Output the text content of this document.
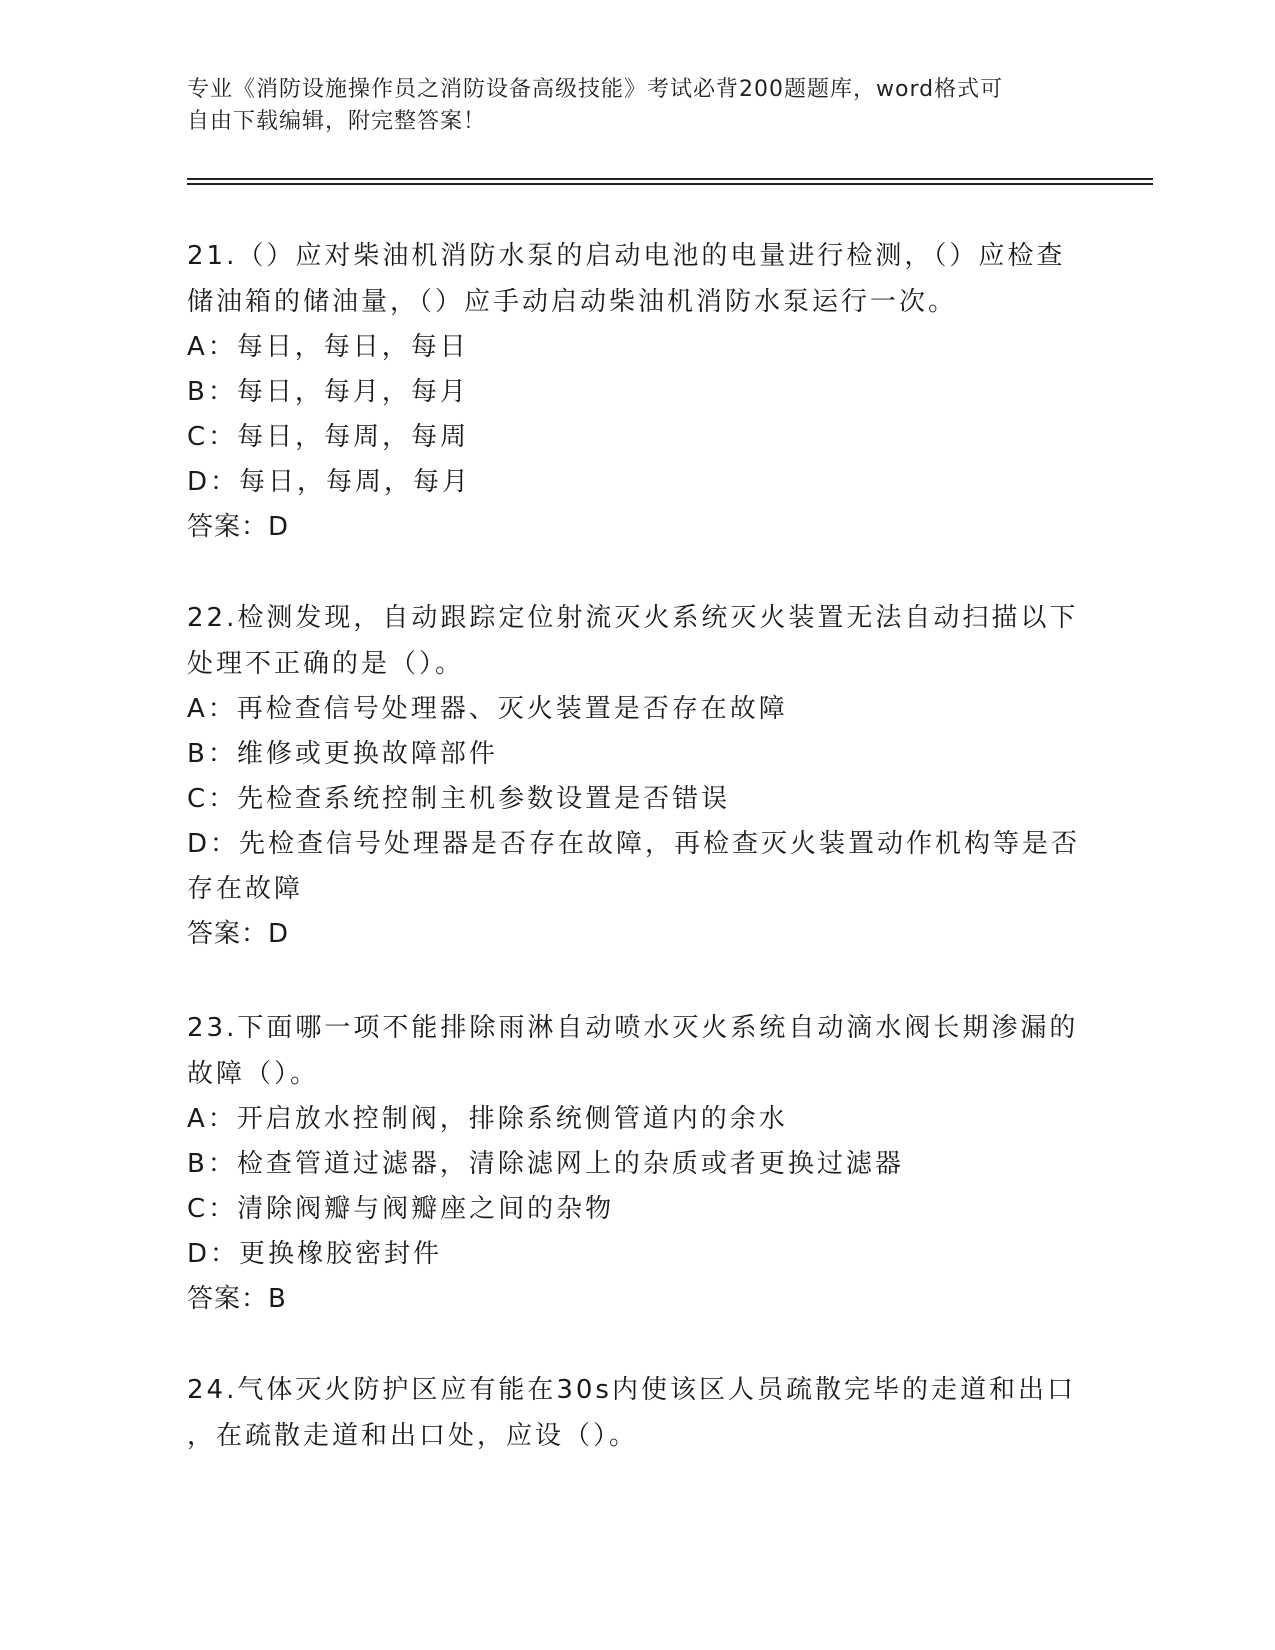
专业《消防设施操作员之消防设备高级技能》考试必背200题题库，word格式可
自由下载编辑，附完整答案！
21.（）应对柴油机消防水泵的启动电池的电量进行检测，（）应检查
储油箱的储油量，（）应手动启动柴油机消防水泵运行一次。
A：每日，每日，每日
B：每日，每月，每月
C：每日，每周，每周
D：每日，每周，每月
答案：D
22.检测发现，自动跟踪定位射流灭火系统灭火装置无法自动扫描以下
处理不正确的是（）。
A：再检查信号处理器、灭火装置是否存在故障
B：维修或更换故障部件
C：先检查系统控制主机参数设置是否错误
D：先检查信号处理器是否存在故障，再检查灭火装置动作机构等是否
存在故障
答案：D
23.下面哪一项不能排除雨淋自动喷水灭火系统自动滴水阀长期渗漏的
故障（）。
A：开启放水控制阀，排除系统侧管道内的余水
B：检查管道过滤器，清除滤网上的杂质或者更换过滤器
C：清除阀瓣与阀瓣座之间的杂物
D：更换橡胶密封件
答案：B
24.气体灭火防护区应有能在30s内使该区人员疏散完毕的走道和出口
，在疏散走道和出口处，应设（）。
